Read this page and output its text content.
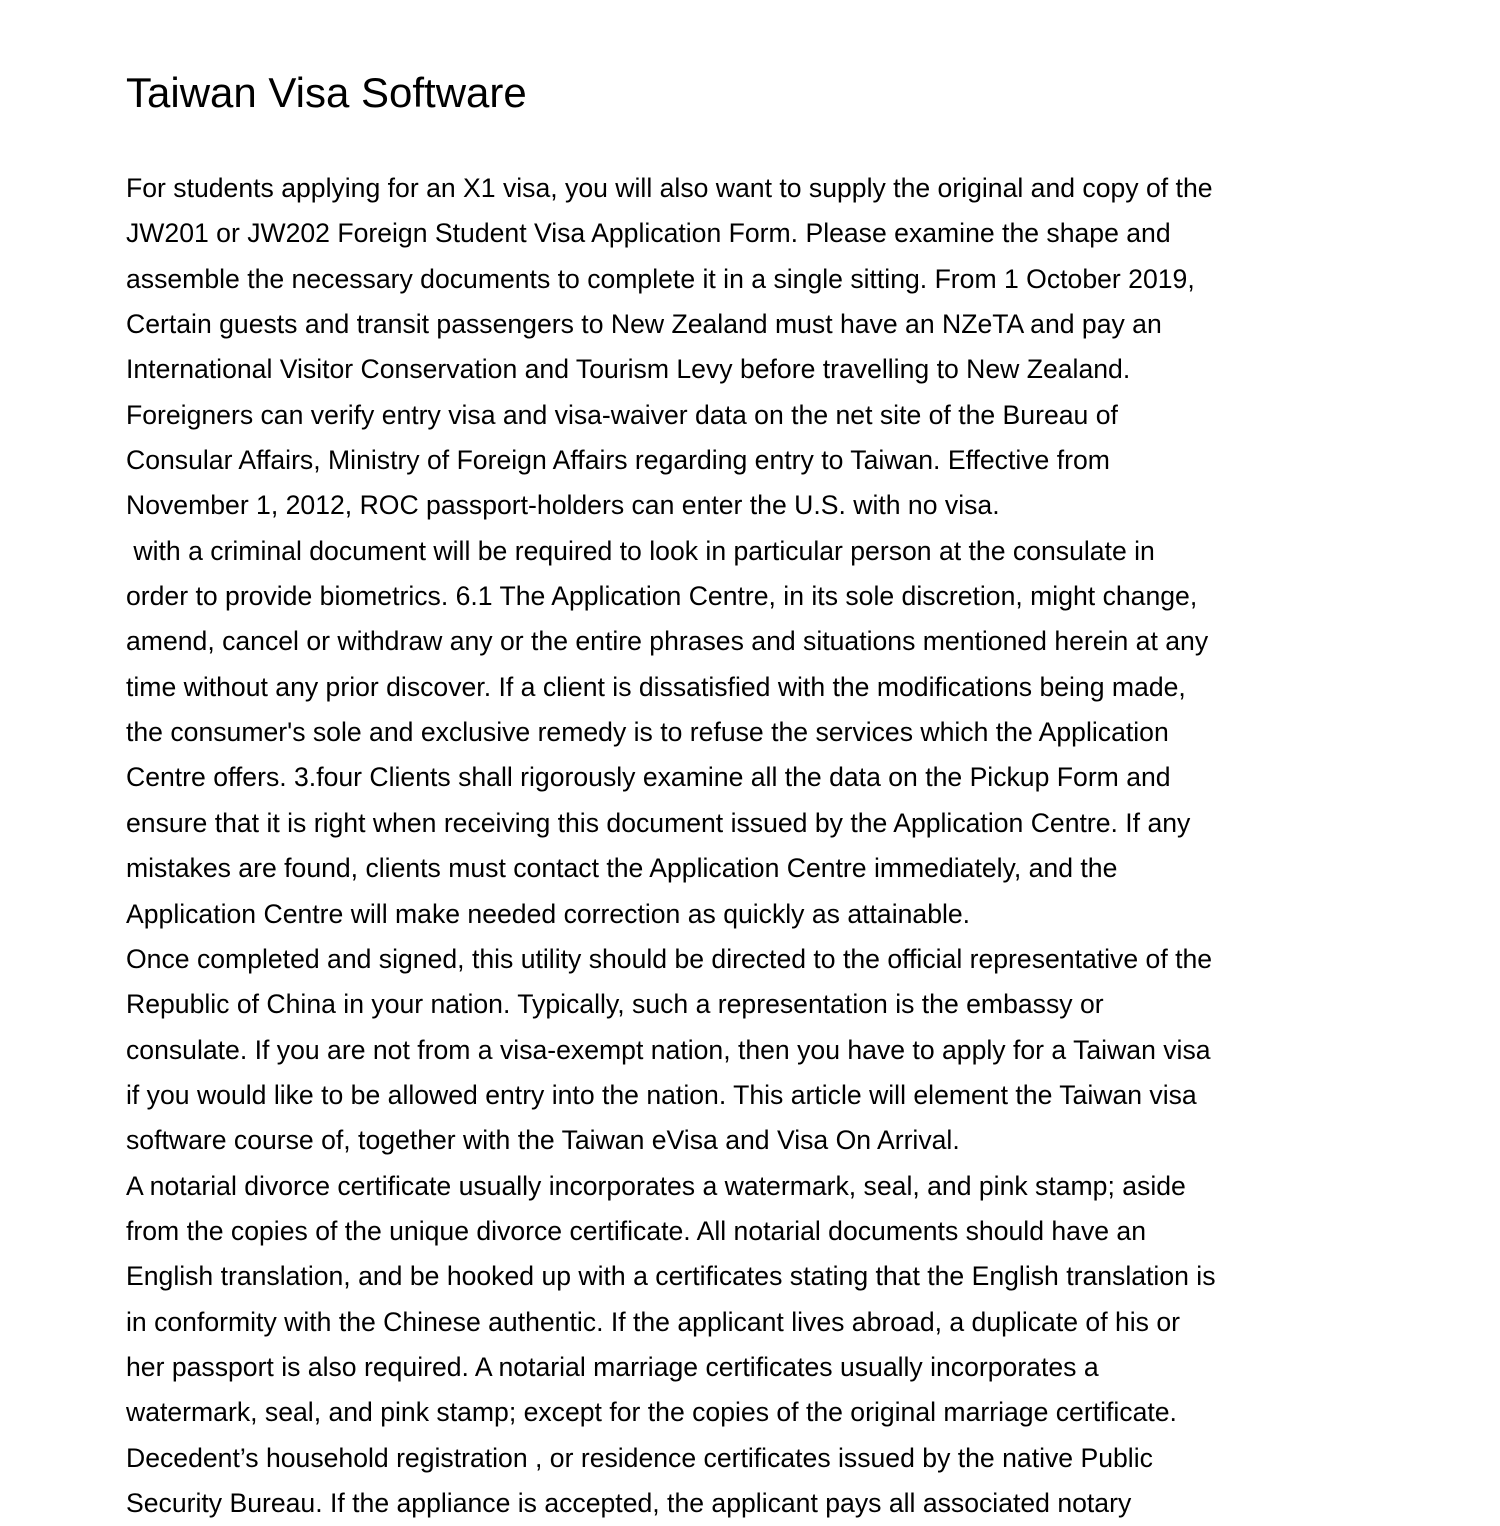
Taiwan Visa Software
For students applying for an X1 visa, you will also want to supply the original and copy of the
JW201 or JW202 Foreign Student Visa Application Form. Please examine the shape and
assemble the necessary documents to complete it in a single sitting. From 1 October 2019,
Certain guests and transit passengers to New Zealand must have an NZeTA and pay an
International Visitor Conservation and Tourism Levy before travelling to New Zealand.
Foreigners can verify entry visa and visa-waiver data on the net site of the Bureau of
Consular Affairs, Ministry of Foreign Affairs regarding entry to Taiwan. Effective from
November 1, 2012, ROC passport-holders can enter the U.S. with no visa.
with a criminal document will be required to look in particular person at the consulate in
order to provide biometrics. 6.1 The Application Centre, in its sole discretion, might change,
amend, cancel or withdraw any or the entire phrases and situations mentioned herein at any
time without any prior discover. If a client is dissatisfied with the modifications being made,
the consumer's sole and exclusive remedy is to refuse the services which the Application
Centre offers. 3.four Clients shall rigorously examine all the data on the Pickup Form and
ensure that it is right when receiving this document issued by the Application Centre. If any
mistakes are found, clients must contact the Application Centre immediately, and the
Application Centre will make needed correction as quickly as attainable.
Once completed and signed, this utility should be directed to the official representative of the
Republic of China in your nation. Typically, such a representation is the embassy or
consulate. If you are not from a visa-exempt nation, then you have to apply for a Taiwan visa
if you would like to be allowed entry into the nation. This article will element the Taiwan visa
software course of, together with the Taiwan eVisa and Visa On Arrival.
A notarial divorce certificate usually incorporates a watermark, seal, and pink stamp; aside
from the copies of the unique divorce certificate. All notarial documents should have an
English translation, and be hooked up with a certificates stating that the English translation is
in conformity with the Chinese authentic. If the applicant lives abroad, a duplicate of his or
her passport is also required. A notarial marriage certificates usually incorporates a
watermark, seal, and pink stamp; except for the copies of the original marriage certificate.
Decedent’s household registration , or residence certificates issued by the native Public
Security Bureau. If the appliance is accepted, the applicant pays all associated notary
